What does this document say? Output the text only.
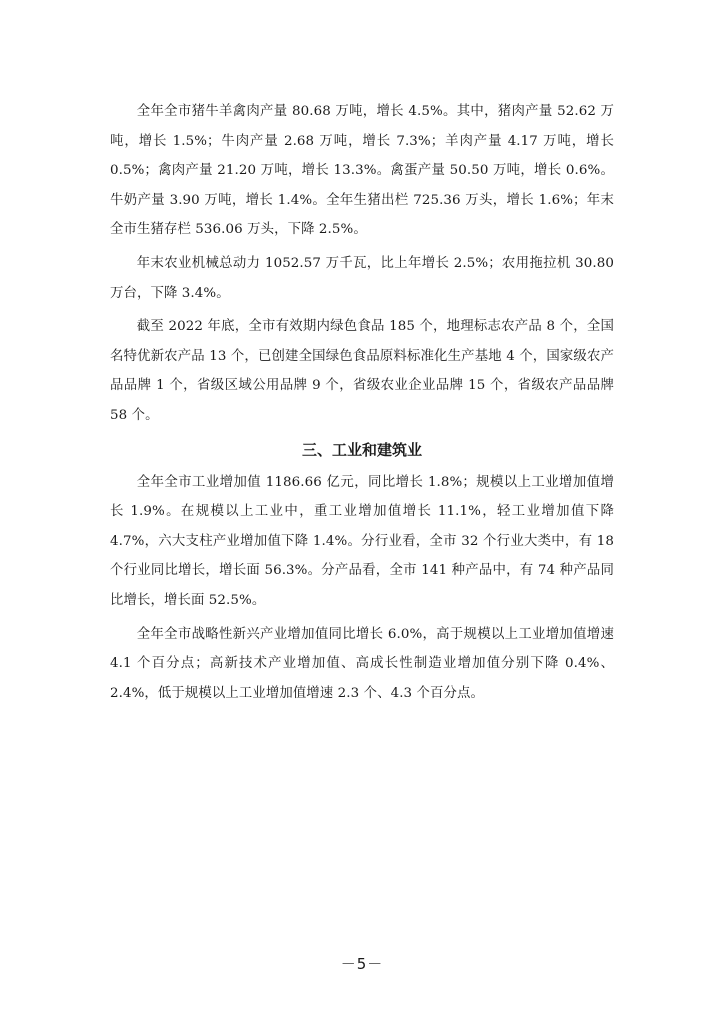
全年全市猪牛羊禽肉产量 80.68 万吨，增长 4.5%。其中，猪肉产量 52.62 万吨，增长 1.5%；牛肉产量 2.68 万吨，增长 7.3%；羊肉产量 4.17 万吨，增长 0.5%；禽肉产量 21.20 万吨，增长 13.3%。禽蛋产量 50.50 万吨，增长 0.6%。牛奶产量 3.90 万吨，增长 1.4%。全年生猪出栏 725.36 万头，增长 1.6%；年末全市生猪存栏 536.06 万头，下降 2.5%。

年末农业机械总动力 1052.57 万千瓦，比上年增长 2.5%；农用拖拉机 30.80 万台，下降 3.4%。

截至 2022 年底，全市有效期内绿色食品 185 个，地理标志农产品 8 个，全国名特优新农产品 13 个，已创建全国绿色食品原料标准化生产基地 4 个，国家级农产品品牌 1 个，省级区域公用品牌 9 个，省级农业企业品牌 15 个，省级农产品品牌 58 个。

三、工业和建筑业

全年全市工业增加值 1186.66 亿元，同比增长 1.8%；规模以上工业增加值增长 1.9%。在规模以上工业中，重工业增加值增长 11.1%，轻工业增加值下降 4.7%，六大支柱产业增加值下降 1.4%。分行业看，全市 32 个行业大类中，有 18 个行业同比增长，增长面 56.3%。分产品看，全市 141 种产品中，有 74 种产品同比增长，增长面 52.5%。

全年全市战略性新兴产业增加值同比增长 6.0%，高于规模以上工业增加值增速 4.1 个百分点；高新技术产业增加值、高成长性制造业增加值分别下降 0.4%、2.4%，低于规模以上工业增加值增速 2.3 个、4.3 个百分点。

－5－
